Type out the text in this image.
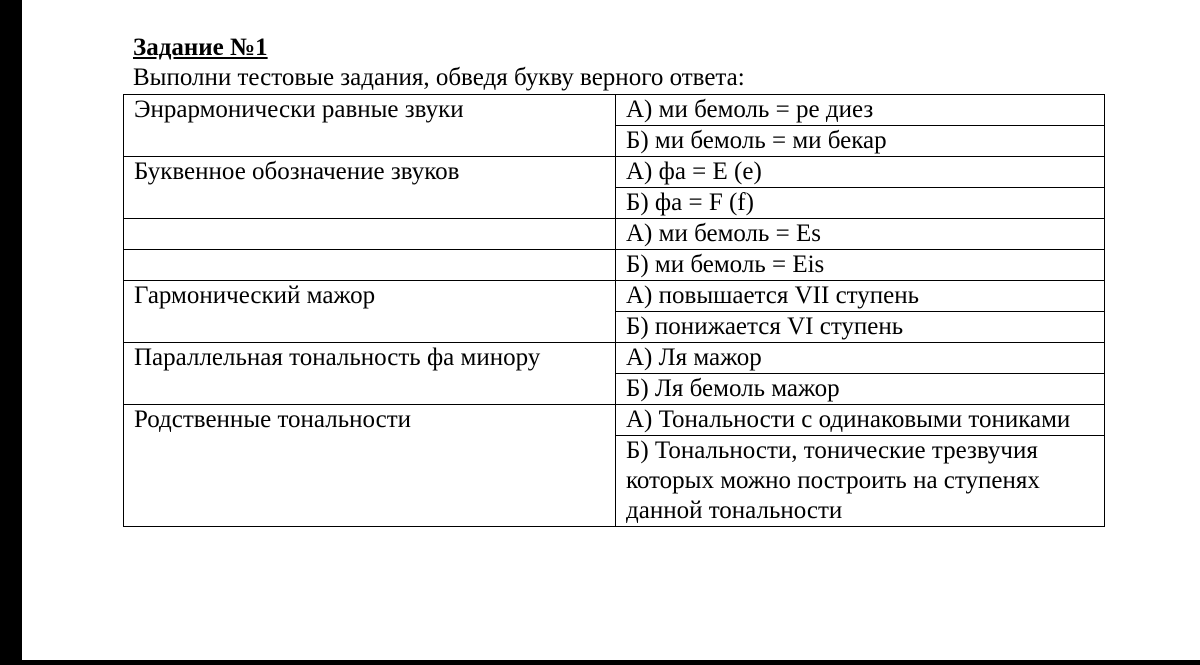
Задание №1
Выполни тестовые задания, обведя букву верного ответа:
Энрармонически равные звуки	А) ми бемоль = ре диез
	Б) ми бемоль = ми бекар
Буквенное обозначение звуков	А) фа = E (e)
	Б) фа = F (f)
	А) ми бемоль = Es
	Б) ми бемоль = Eis
Гармонический мажор	А) повышается VII ступень
	Б) понижается VI ступень
Параллельная тональность фа минору	А) Ля мажор
	Б) Ля бемоль мажор
Родственные тональности	А) Тональности с одинаковыми тониками
	Б) Тональности, тонические трезвучия которых можно построить на ступенях данной тональности
